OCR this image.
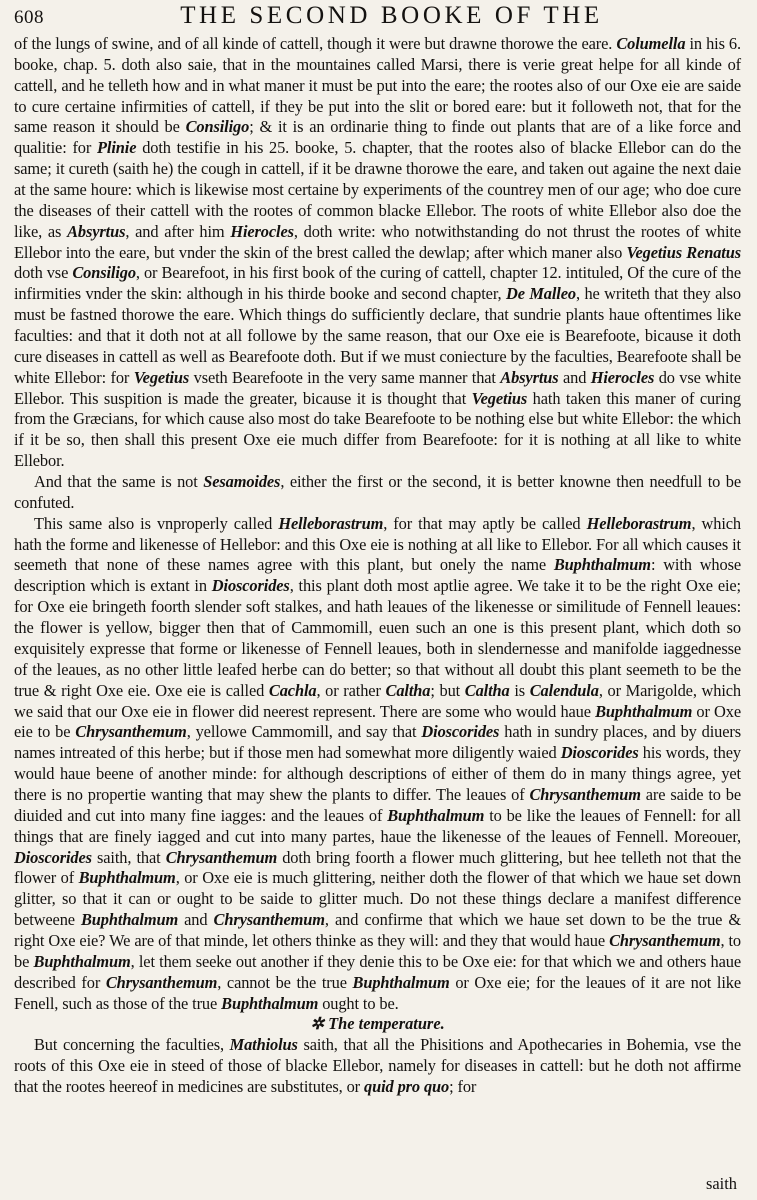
608	THE SECOND BOOKE OF THE

of the lungs of swine, and of all kinde of cattell, though it were but drawne thorowe the eare. Columella in his 6. booke, chap. 5. doth also saie, that in the mountaines called Marsi, there is verie great helpe for all kinde of cattell, and he telleth how and in what maner it must be put into the eare; the rootes also of our Oxe eie are saide to cure certaine infirmities of cattell, if they be put into the slit or bored eare: but it followeth not, that for the same reason it should be Consiligo; & it is an ordinarie thing to finde out plants that are of a like force and qualitie: for Plinie doth testifie in his 25. booke, 5. chapter, that the rootes also of blacke Ellebor can do the same; it cureth (saith he) the cough in cattell, if it be drawne thorowe the eare, and taken out againe the next daie at the same houre: which is likewise most certaine by experiments of the countrey men of our age; who doe cure the diseases of their cattell with the rootes of common blacke Ellebor. The roots of white Ellebor also doe the like, as Absyrtus, and after him Hierocles, doth write: who notwithstanding do not thrust the rootes of white Ellebor into the eare, but vnder the skin of the brest called the dewlap; after which maner also Vegetius Renatus doth vse Consiligo, or Bearefoot, in his first book of the curing of cattell, chapter 12. intituled, Of the cure of the infirmities vnder the skin: although in his thirde booke and second chapter, De Malleo, he writeth that they also must be fastned thorowe the eare. Which things do sufficiently declare, that sundrie plants haue oftentimes like faculties: and that it doth not at all followe by the same reason, that our Oxe eie is Bearefoote, bicause it doth cure diseases in cattell as well as Bearefoote doth. But if we must coniecture by the faculties, Bearefoote shall be white Ellebor: for Vegetius vseth Bearefoote in the very same manner that Absyrtus and Hierocles do vse white Ellebor. This suspition is made the greater, bicause it is thought that Vegetius hath taken this maner of curing from the Græcians, for which cause also most do take Bearefoote to be nothing else but white Ellebor: the which if it be so, then shall this present Oxe eie much differ from Bearefoote: for it is nothing at all like to white Ellebor.

And that the same is not Sesamoides, either the first or the second, it is better knowne then needfull to be confuted.

This same also is vnproperly called Helleborastrum, for that may aptly be called Helleborastrum, which hath the forme and likenesse of Hellebor: and this Oxe eie is nothing at all like to Ellebor. For all which causes it seemeth that none of these names agree with this plant, but onely the name Buphthalmum: with whose description which is extant in Dioscorides, this plant doth most aptlie agree. We take it to be the right Oxe eie; for Oxe eie bringeth foorth slender soft stalkes, and hath leaues of the likenesse or similitude of Fennell leaues: the flower is yellow, bigger then that of Cammomill, euen such an one is this present plant, which doth so exquisitely expresse that forme or likenesse of Fennell leaues, both in slendernesse and manifolde iaggednesse of the leaues, as no other little leafed herbe can do better; so that without all doubt this plant seemeth to be the true & right Oxe eie. Oxe eie is called Cachla, or rather Caltha; but Caltha is Calendula, or Marigolde, which we said that our Oxe eie in flower did neerest represent. There are some who would haue Buphthalmum or Oxe eie to be Chrysanthemum, yellowe Cammomill, and say that Dioscorides hath in sundry places, and by diuers names intreated of this herbe; but if those men had somewhat more diligently waied Dioscorides his words, they would haue beene of another minde: for although descriptions of either of them do in many things agree, yet there is no propertie wanting that may shew the plants to differ. The leaues of Chrysanthemum are saide to be diuided and cut into many fine iagges: and the leaues of Buphthalmum to be like the leaues of Fennell: for all things that are finely iagged and cut into many partes, haue the likenesse of the leaues of Fennell. Moreouer, Dioscorides saith, that Chrysanthemum doth bring foorth a flower much glittering, but hee telleth not that the flower of Buphthalmum, or Oxe eie is much glittering, neither doth the flower of that which we haue set down glitter, so that it can or ought to be saide to glitter much. Do not these things declare a manifest difference betweene Buphthalmum and Chrysanthemum, and confirme that which we haue set down to be the true & right Oxe eie? We are of that minde, let others thinke as they will: and they that would haue Chrysanthemum, to be Buphthalmum, let them seeke out another if they denie this to be Oxe eie: for that which we and others haue described for Chrysanthemum, cannot be the true Buphthalmum or Oxe eie; for the leaues of it are not like Fenell, such as those of the true Buphthalmum ought to be.

✲ The temperature.

But concerning the faculties, Mathiolus saith, that all the Phisitions and Apothecaries in Bohemia, vse the roots of this Oxe eie in steed of those of blacke Ellebor, namely for diseases in cattell: but he doth not affirme that the rootes heereof in medicines are substitutes, or quid pro quo; for

saith
